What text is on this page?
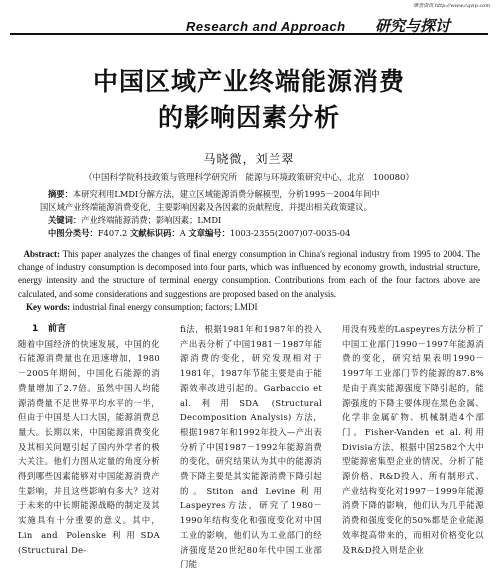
维普资讯 http://www.cqvip.com
Research and Approach 研究与探讨
中国区域产业终端能源消费
的影响因素分析
马晓微，刘兰翠
（中国科学院科技政策与管理科学研究所　能源与环境政策研究中心，北京　100080）
摘要：本研究利用LMDI分解方法，建立区域能源消费分解模型，分析1995－2004年间中
国区域产业终端能源消费变化，主要影响因素及各因素的贡献程度，并提出相关政策建议。
关键词：产业终端能源消费；影响因素；LMDI
中图分类号：F407.2 文献标识码：A 文章编号：1003-2355(2007)07-0035-04
Abstract: This paper analyzes the changes of final energy consumption in China's regional industry from 1995 to 2004. The change of industry consumption is decomposed into four parts, which was influenced by economy growth, industrial structure, energy intensity and the structure of terminal energy consumption. Contributions from each of the four factors above are calculated, and some considerations and suggestions are proposed based on the analysis.
Key words: industrial final energy consumption; factors; LMDI
1　前言
随着中国经济的快速发展，中国的化石能源消费量也在迅速增加，1980－2005年期间，中国化石能源的消费量增加了2.7倍。虽然中国人均能源消费量不足世界平均水平的一半，但由于中国是人口大国，能源消费总量大。长期以来，中国能源消费变化及其相关问题引起了国内外学者的极大关注。他们力图从定量的角度分析得到哪些因素能够对中国能源消费产生影响，并且这些影响有多大？这对于未来的中长期能源战略的制定及其实施具有十分重要的意义。其中，Lin and Polenske利用SDA (Structural De-
ﬁ法，根据1981年和1987年的投入产出表分析了中国1981－1987年能源消费的变化，研究发现相对于1981年，1987年节能主要是由于能源效率改进引起的。Garbaccio et al.利用SDA (Structural Decomposition Analysis) 方法，根据1987年和1992年投入—产出表分析了中国1987－1992年能源消费的变化，研究结果认为其中的能源消费下降主要是其实能源消费下降引起的。Stiton and Levine利用Laspeyres方法，研究了1980－1990年结构变化和强度变化对中国工业的影响，他们认为工业部门的经济强度是20世纪80年代中国工业部门能
用没有残差的Laspeyres方法分析了中国工业部门1990－1997年能源消费的变化，研究结果表明1990－1997年工业部门节约能源的87.8%是由于真实能源强度下降引起的，能源强度的下降主要体现在黑色金属、化学非金属矿物、机械制造4个部门。Fisher-Vanden et al.利用Divisia方法，根据中国2582个大中型能源密集型企业的情况，分析了能源价格、R&D投入、所有制形式、产业结构变化对1997－1999年能源消费下降的影响，他们认为几乎能源消费和强度变化的50%都是企业能源效率提高带来的，而相对价格变化以及R&D投入则是企业
